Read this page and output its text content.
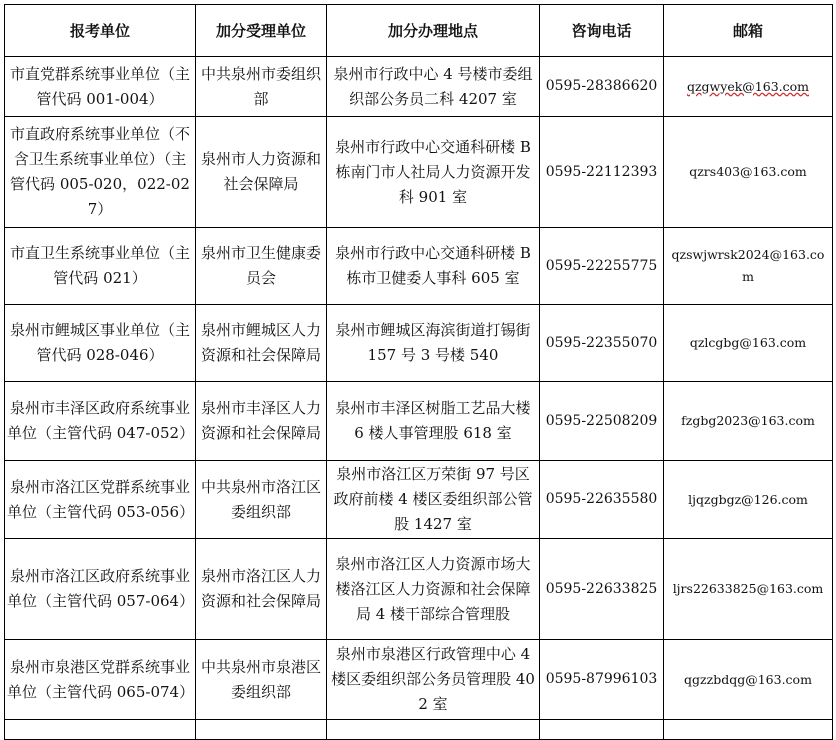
报考单位	加分受理单位	加分办理地点	咨询电话	邮箱
市直党群系统事业单位（主管代码 001-004）	中共泉州市委组织部	泉州市行政中心 4 号楼市委组织部公务员二科 4207 室	0595-28386620	qzgwyek@163.com
市直政府系统事业单位（不含卫生系统事业单位）（主管代码 005-020，022-027）	泉州市人力资源和社会保障局	泉州市行政中心交通科研楼 B 栋南门市人社局人力资源开发科 901 室	0595-22112393	qzrs403@163.com
市直卫生系统事业单位（主管代码 021）	泉州市卫生健康委员会	泉州市行政中心交通科研楼 B 栋市卫健委人事科 605 室	0595-22255775	qzswjwrsk2024@163.com
泉州市鲤城区事业单位（主管代码 028-046）	泉州市鲤城区人力资源和社会保障局	泉州市鲤城区海滨街道打锡街 157 号 3 号楼 540	0595-22355070	qzlcgbg@163.com
泉州市丰泽区政府系统事业单位（主管代码 047-052）	泉州市丰泽区人力资源和社会保障局	泉州市丰泽区树脂工艺品大楼 6 楼人事管理股 618 室	0595-22508209	fzgbg2023@163.com
泉州市洛江区党群系统事业单位（主管代码 053-056）	中共泉州市洛江区委组织部	泉州市洛江区万荣街 97 号区政府前楼 4 楼区委组织部公管股 1427 室	0595-22635580	ljqzgbgz@126.com
泉州市洛江区政府系统事业单位（主管代码 057-064）	泉州市洛江区人力资源和社会保障局	泉州市洛江区人力资源市场大楼洛江区人力资源和社会保障局 4 楼干部综合管理股	0595-22633825	ljrs22633825@163.com
泉州市泉港区党群系统事业单位（主管代码 065-074）	中共泉州市泉港区委组织部	泉州市泉港区行政管理中心 4 楼区委组织部公务员管理股 402 室	0595-87996103	qgzzbdqg@163.com
